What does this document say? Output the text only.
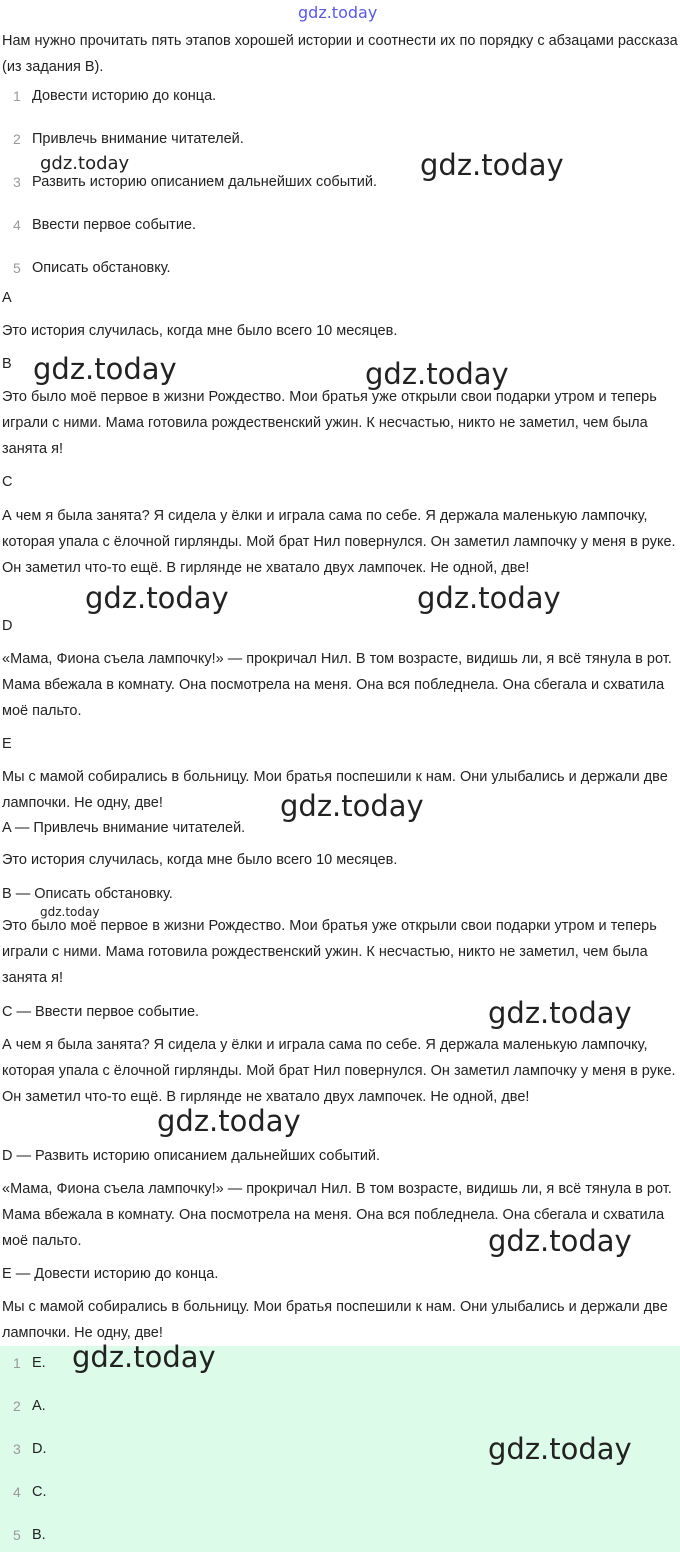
gdz.today
Нам нужно прочитать пять этапов хорошей истории и соотнести их по порядку с абзацами рассказа (из задания B).
1 Довести историю до конца.
2 Привлечь внимание читателей.
3 Развить историю описанием дальнейших событий.
4 Ввести первое событие.
5 Описать обстановку.
A
Это история случилась, когда мне было всего 10 месяцев.
B
Это было моё первое в жизни Рождество. Мои братья уже открыли свои подарки утром и теперь играли с ними. Мама готовила рождественский ужин. К несчастью, никто не заметил, чем была занята я!
C
А чем я была занята? Я сидела у ёлки и играла сама по себе. Я держала маленькую лампочку, которая упала с ёлочной гирлянды. Мой брат Нил повернулся. Он заметил лампочку у меня в руке. Он заметил что-то ещё. В гирлянде не хватало двух лампочек. Не одной, две!
D
«Мама, Фиона съела лампочку!» — прокричал Нил. В том возрасте, видишь ли, я всё тянула в рот. Мама вбежала в комнату. Она посмотрела на меня. Она вся побледнела. Она сбегала и схватила моё пальто.
E
Мы с мамой собирались в больницу. Мои братья поспешили к нам. Они улыбались и держали две лампочки. Не одну, две!
A — Привлечь внимание читателей.
Это история случилась, когда мне было всего 10 месяцев.
B — Описать обстановку.
Это было моё первое в жизни Рождество. Мои братья уже открыли свои подарки утром и теперь играли с ними. Мама готовила рождественский ужин. К несчастью, никто не заметил, чем была занята я!
C — Ввести первое событие.
А чем я была занята? Я сидела у ёлки и играла сама по себе. Я держала маленькую лампочку, которая упала с ёлочной гирлянды. Мой брат Нил повернулся. Он заметил лампочку у меня в руке. Он заметил что-то ещё. В гирлянде не хватало двух лампочек. Не одной, две!
D — Развить историю описанием дальнейших событий.
«Мама, Фиона съела лампочку!» — прокричал Нил. В том возрасте, видишь ли, я всё тянула в рот. Мама вбежала в комнату. Она посмотрела на меня. Она вся побледнела. Она сбегала и схватила моё пальто.
E — Довести историю до конца.
Мы с мамой собирались в больницу. Мои братья поспешили к нам. Они улыбались и держали две лампочки. Не одну, две!
1 E.
2 A.
3 D.
4 C.
5 B.
gdz.today	gdz.today
gdz.today	gdz.today
gdz.today	gdz.today
gdz.today
gdz.today
gdz.today
gdz.today
gdz.today
gdz.today
gdz.today
